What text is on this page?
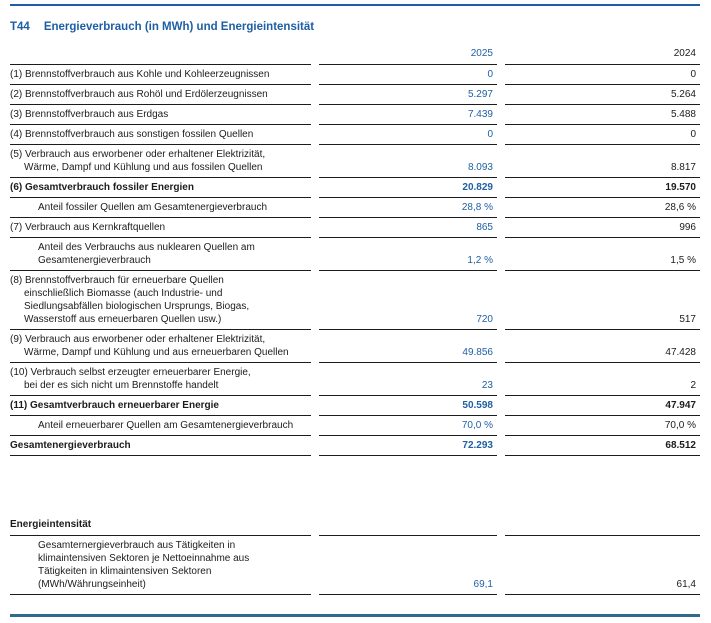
T44 Energieverbrauch (in MWh) und Energieintensität
2025	2024
(1) Brennstoffverbrauch aus Kohle und Kohleerzeugnissen	0	0
(2) Brennstoffverbrauch aus Rohöl und Erdölerzeugnissen	5.297	5.264
(3) Brennstoffverbrauch aus Erdgas	7.439	5.488
(4) Brennstoffverbrauch aus sonstigen fossilen Quellen	0	0
(5) Verbrauch aus erworbener oder erhaltener Elektrizität,
Wärme, Dampf und Kühlung und aus fossilen Quellen	8.093	8.817
(6) Gesamtverbrauch fossiler Energien	20.829	19.570
Anteil fossiler Quellen am Gesamtenergieverbrauch	28,8 %	28,6 %
(7) Verbrauch aus Kernkraftquellen	865	996
Anteil des Verbrauchs aus nuklearen Quellen am
Gesamtenergieverbrauch	1,2 %	1,5 %
(8) Brennstoffverbrauch für erneuerbare Quellen
einschließlich Biomasse (auch Industrie- und
Siedlungsabfällen biologischen Ursprungs, Biogas,
Wasserstoff aus erneuerbaren Quellen usw.)	720	517
(9) Verbrauch aus erworbener oder erhaltener Elektrizität,
Wärme, Dampf und Kühlung und aus erneuerbaren Quellen	49.856	47.428
(10) Verbrauch selbst erzeugter erneuerbarer Energie,
bei der es sich nicht um Brennstoffe handelt	23	2
(11) Gesamtverbrauch erneuerbarer Energie	50.598	47.947
Anteil erneuerbarer Quellen am Gesamtenergieverbrauch	70,0 %	70,0 %
Gesamtenergieverbrauch	72.293	68.512
Energieintensität
Gesamternergieverbrauch aus Tätigkeiten in
klimaintensiven Sektoren je Nettoeinnahme aus
Tätigkeiten in klimaintensiven Sektoren
(MWh/Währungseinheit)	69,1	61,4
